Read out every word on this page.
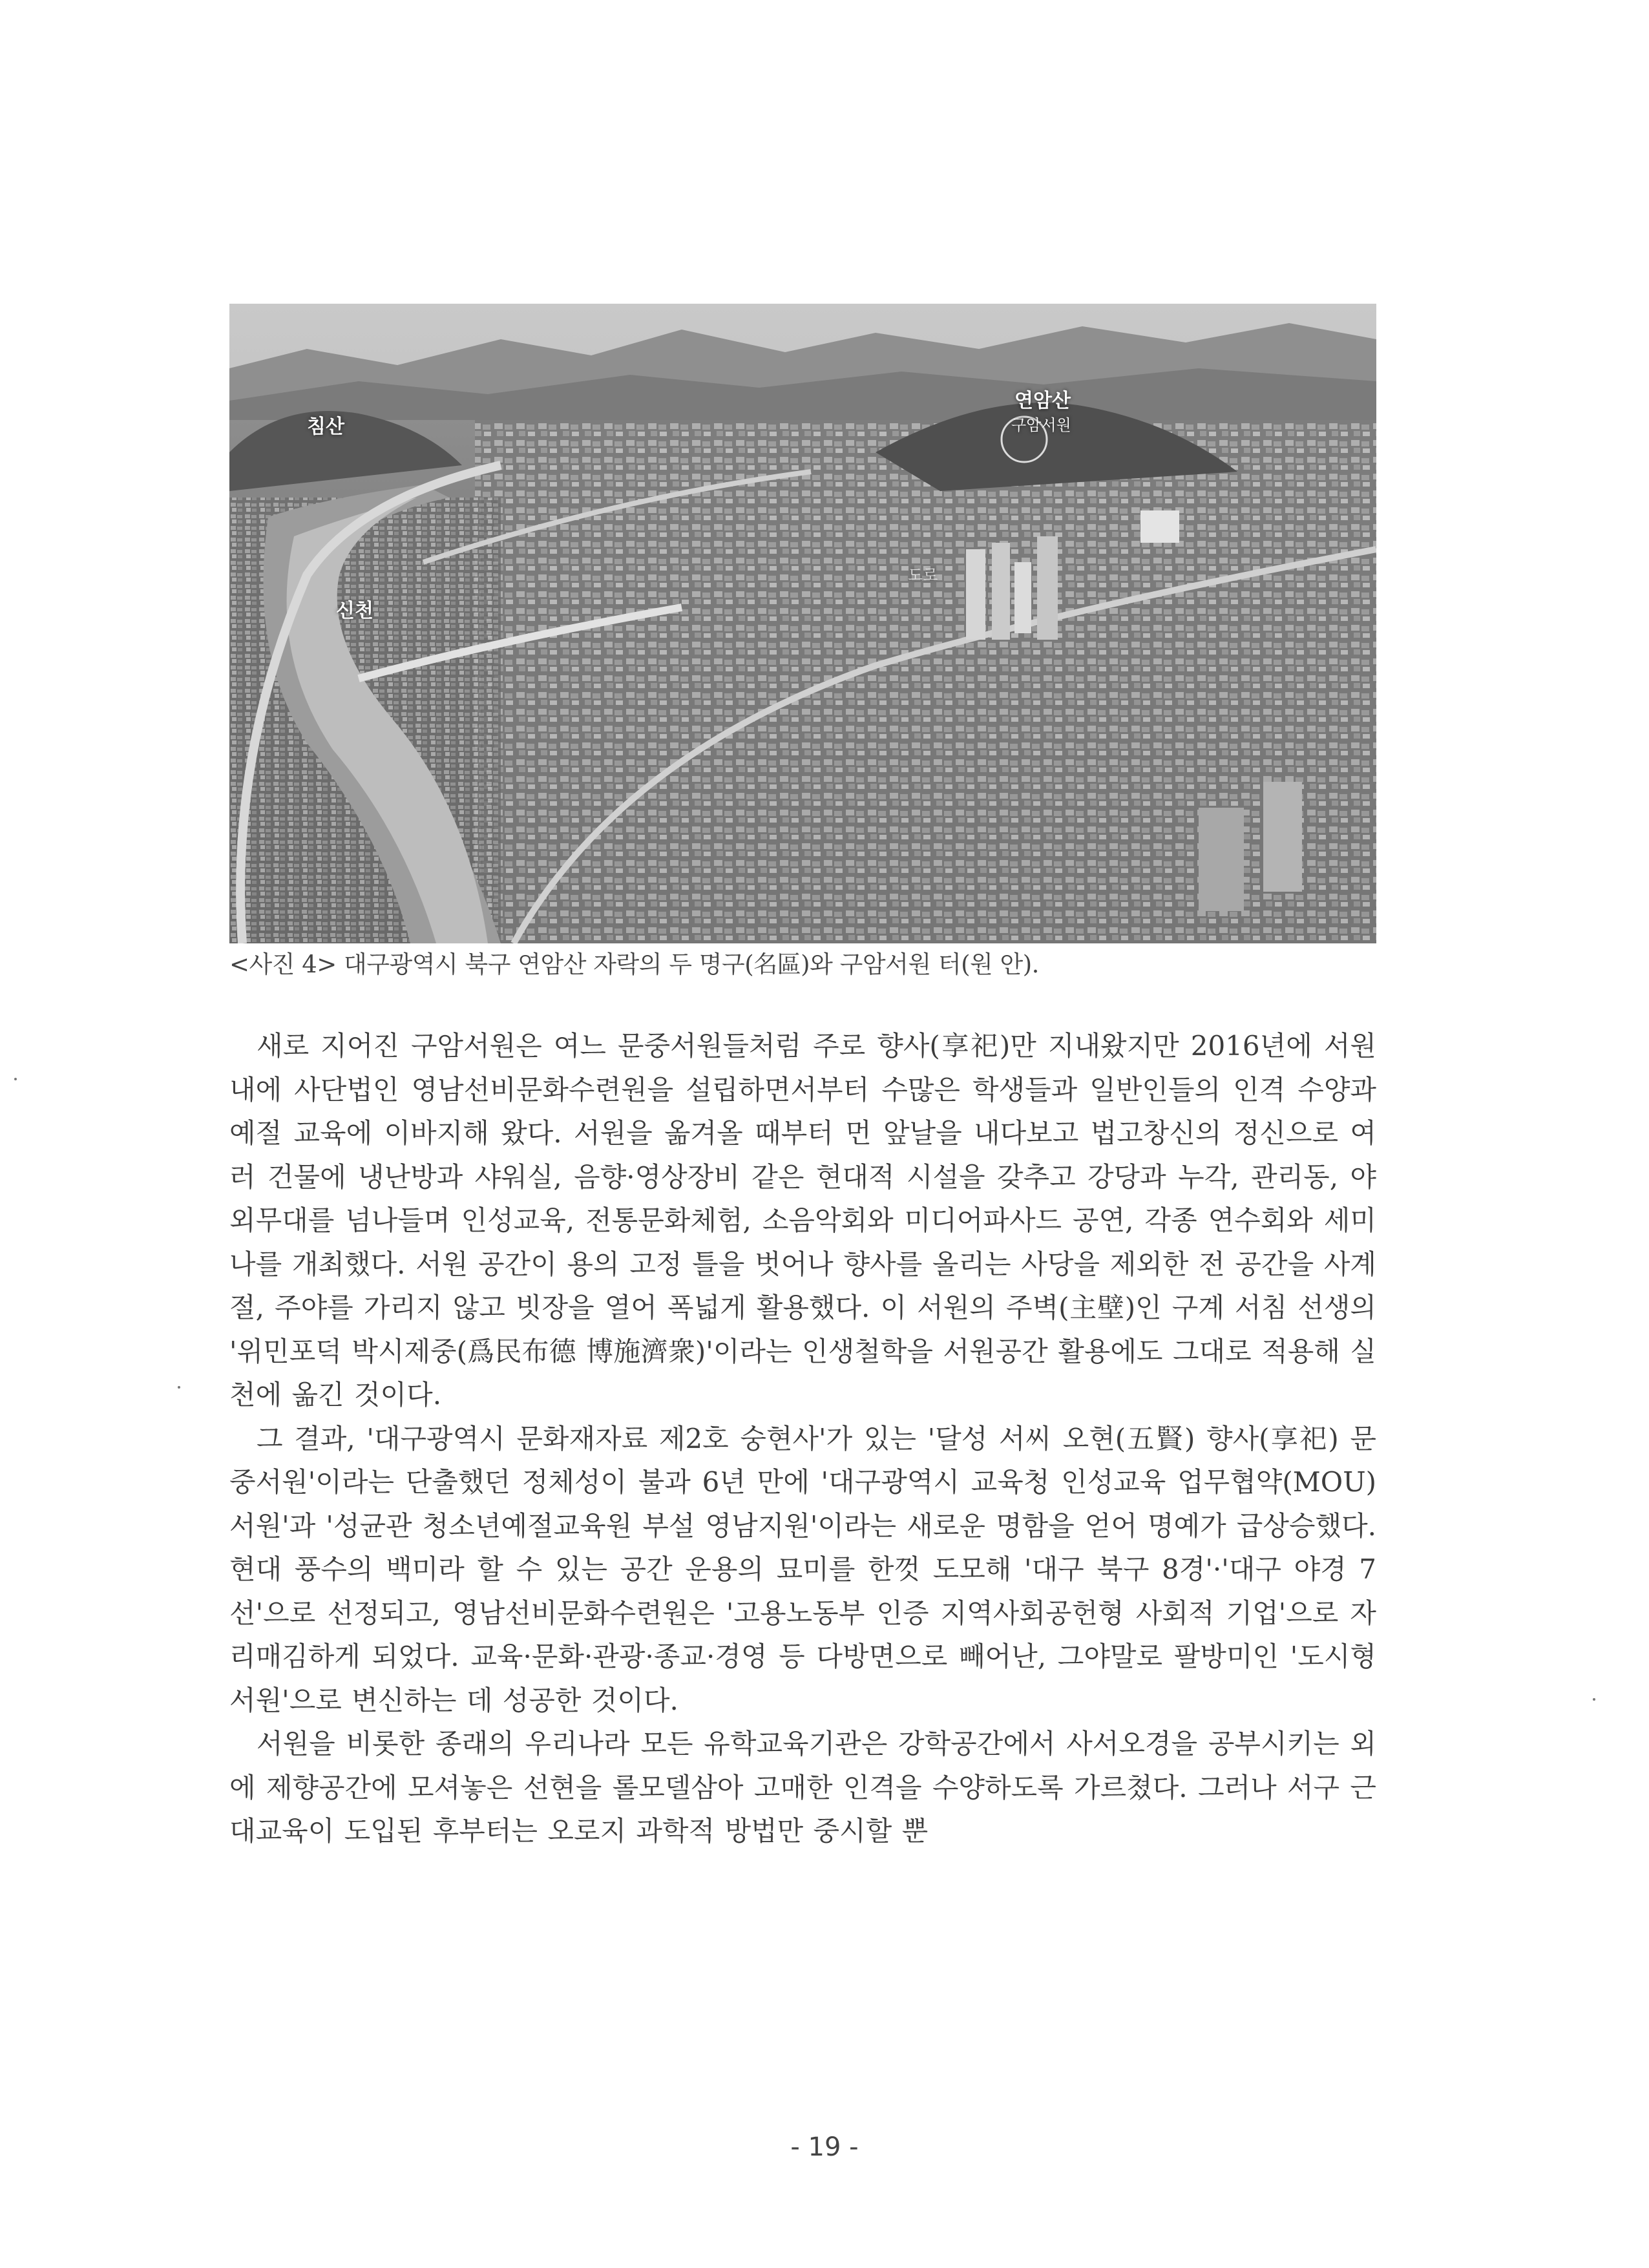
침산
연암산
구암서원
신천
도로
<사진 4> 대구광역시 북구 연암산 자락의 두 명구(名區)와 구암서원 터(원 안).

새로 지어진 구암서원은 여느 문중서원들처럼 주로 향사(享祀)만 지내왔지만 2016년에 서원 내에 사단법인 영남선비문화수련원을 설립하면서부터 수많은 학생들과 일반인들의 인격 수양과 예절 교육에 이바지해 왔다. 서원을 옮겨올 때부터 먼 앞날을 내다보고 법고창신의 정신으로 여러 건물에 냉난방과 샤워실, 음향·영상장비 같은 현대적 시설을 갖추고 강당과 누각, 관리동, 야외무대를 넘나들며 인성교육, 전통문화체험, 소음악회와 미디어파사드 공연, 각종 연수회와 세미나를 개최했다. 서원 공간이 용의 고정 틀을 벗어나 향사를 올리는 사당을 제외한 전 공간을 사계절, 주야를 가리지 않고 빗장을 열어 폭넓게 활용했다. 이 서원의 주벽(主壁)인 구계 서침 선생의 '위민포덕 박시제중(爲民布德 博施濟衆)'이라는 인생철학을 서원공간 활용에도 그대로 적용해 실천에 옮긴 것이다.

그 결과, '대구광역시 문화재자료 제2호 숭현사'가 있는 '달성 서씨 오현(五賢) 향사(享祀) 문중서원'이라는 단출했던 정체성이 불과 6년 만에 '대구광역시 교육청 인성교육 업무협약(MOU) 서원'과 '성균관 청소년예절교육원 부설 영남지원'이라는 새로운 명함을 얻어 명예가 급상승했다. 현대 풍수의 백미라 할 수 있는 공간 운용의 묘미를 한껏 도모해 '대구 북구 8경'·'대구 야경 7선'으로 선정되고, 영남선비문화수련원은 '고용노동부 인증 지역사회공헌형 사회적 기업'으로 자리매김하게 되었다. 교육·문화·관광·종교·경영 등 다방면으로 빼어난, 그야말로 팔방미인 '도시형 서원'으로 변신하는 데 성공한 것이다.

서원을 비롯한 종래의 우리나라 모든 유학교육기관은 강학공간에서 사서오경을 공부시키는 외에 제향공간에 모셔놓은 선현을 롤모델삼아 고매한 인격을 수양하도록 가르쳤다. 그러나 서구 근대교육이 도입된 후부터는 오로지 과학적 방법만 중시할 뿐

- 19 -
